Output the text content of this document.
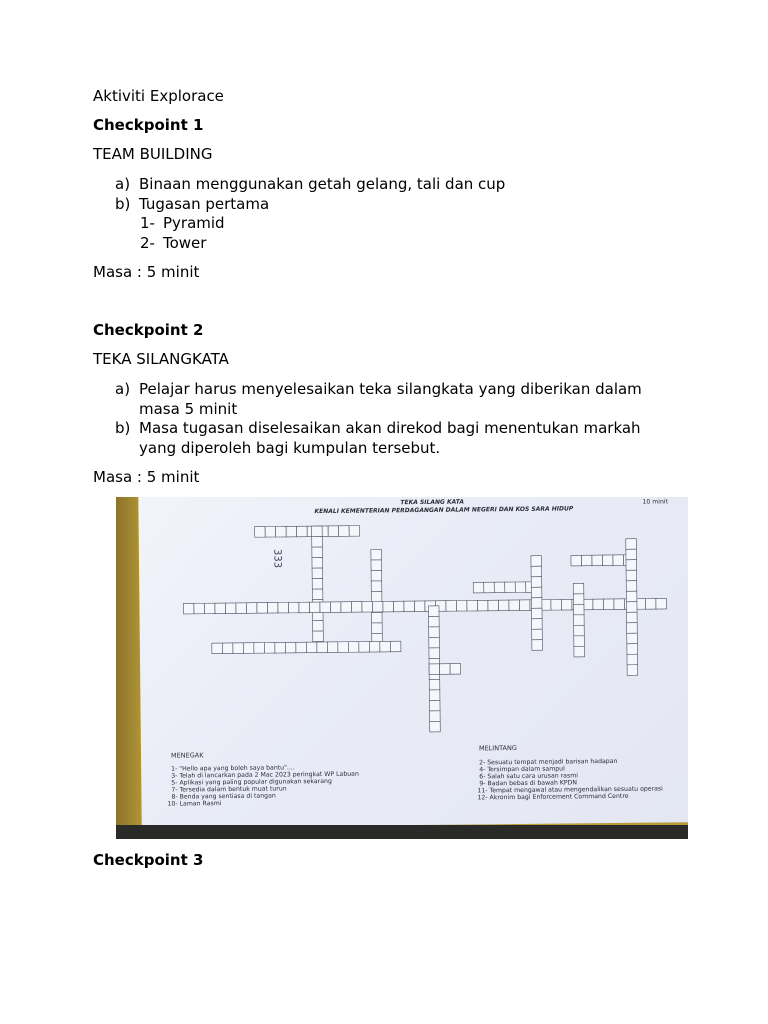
Aktiviti Explorace
Checkpoint 1
TEAM BUILDING
a) Binaan menggunakan getah gelang, tali dan cup
b) Tugasan pertama
1- Pyramid
2- Tower
Masa : 5 minit
Checkpoint 2
TEKA SILANGKATA
a) Pelajar harus menyelesaikan teka silangkata yang diberikan dalam
masa 5 minit
b) Masa tugasan diselesaikan akan direkod bagi menentukan markah
yang diperoleh bagi kumpulan tersebut.
Masa : 5 minit
Checkpoint 3
TEKA SILANG KATA
KENALI KEMENTERIAN PERDAGANGAN DALAM NEGERI DAN KOS SARA HIDUP
10 minit
333
MENEGAK
1- "Hello apa yang boleh saya bantu"....
3- Telah di lancarkan pada 2 Mac 2023 peringkat WP Labuan
5- Aplikasi yang paling popular digunakan sekarang
7- Tersedia dalam bentuk muat turun
8- Benda yang sentiasa di tangan
10- Laman Rasmi
MELINTANG
2- Sesuatu tempat menjadi barisan hadapan
4- Tersimpan dalam sampul
6- Salah satu cara urusan rasmi
9- Badan bebas di bawah KPDN
11- Tempat mengawal atau mengendalikan sesuatu operasi
12- Akronim bagi Enforcement Command Centre
